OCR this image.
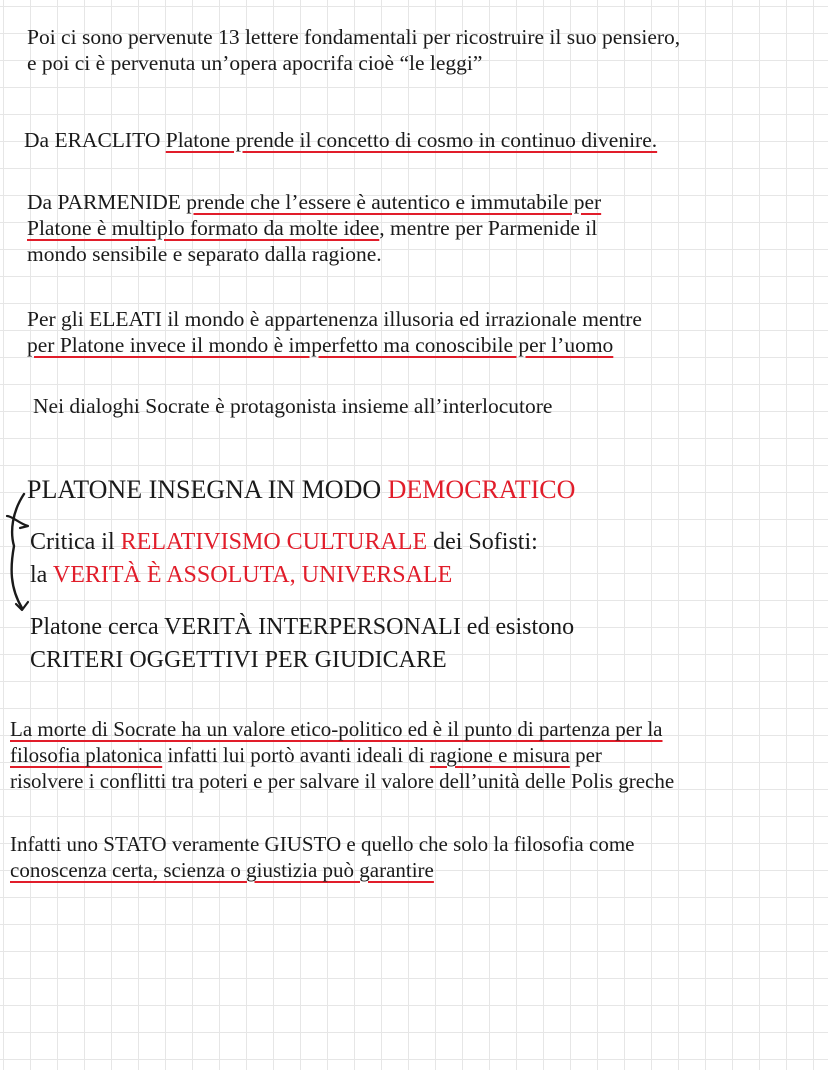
Poi ci sono pervenute 13 lettere fondamentali per ricostruire il suo pensiero,
e poi ci è pervenuta un’opera apocrifa cioè “le leggi”

Da ERACLITO Platone prende il concetto di cosmo in continuo divenire.

Da PARMENIDE prende che l’essere è autentico e immutabile per
Platone è multiplo formato da molte idee, mentre per Parmenide il
mondo sensibile e separato dalla ragione.

Per gli ELEATI il mondo è appartenenza illusoria ed irrazionale mentre
per Platone invece il mondo è imperfetto ma conoscibile per l’uomo

Nei dialoghi Socrate è protagonista insieme all’interlocutore

PLATONE INSEGNA IN MODO DEMOCRATICO

Critica il RELATIVISMO CULTURALE dei Sofisti:
la VERITÀ È ASSOLUTA, UNIVERSALE

Platone cerca VERITÀ INTERPERSONALI ed esistono
CRITERI OGGETTIVI PER GIUDICARE

La morte di Socrate ha un valore etico-politico ed è il punto di partenza per la
filosofia platonica infatti lui portò avanti ideali di ragione e misura per
risolvere i conflitti tra poteri e per salvare il valore dell’unità delle Polis greche

Infatti uno STATO veramente GIUSTO e quello che solo la filosofia come
conoscenza certa, scienza o giustizia può garantire
